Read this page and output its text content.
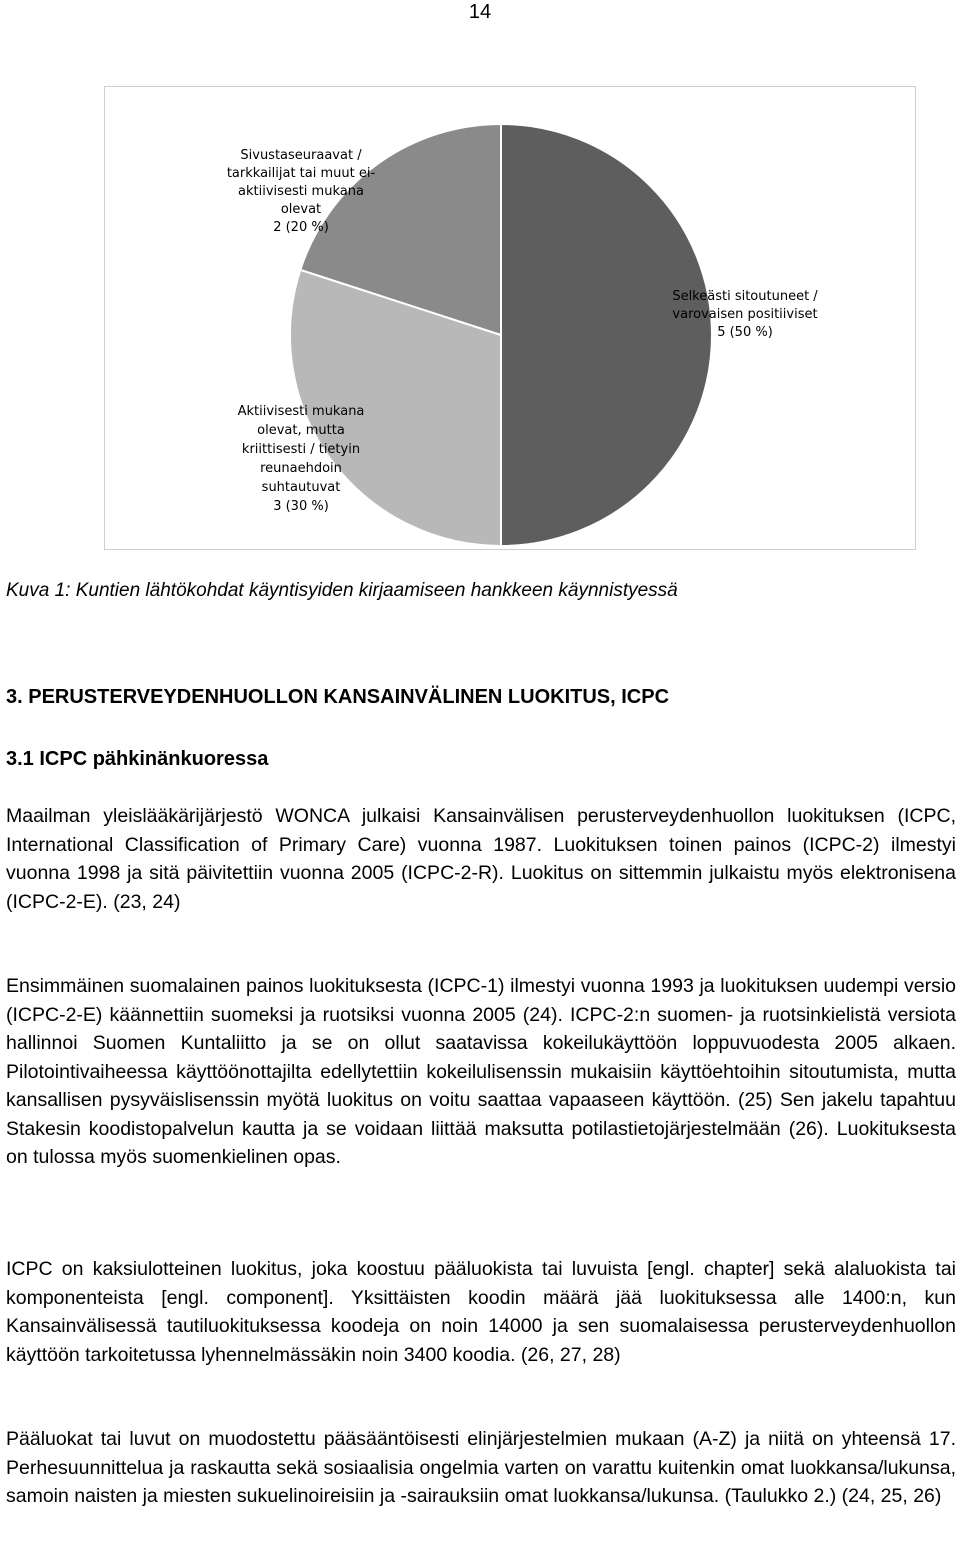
14
Selkeästi sitoutuneet / varovaisen positiiviset 5 (50 %)
Aktiivisesti mukana olevat, mutta kriittisesti / tietyin reunaehdoin suhtautuvat 3 (30 %)
Sivustaseuraavat / tarkkailijat tai muut ei-aktiivisesti mukana olevat 2 (20 %)
Kuva 1: Kuntien lähtökohdat käyntisyiden kirjaamiseen hankkeen käynnistyessä
3. PERUSTERVEYDENHUOLLON KANSAINVÄLINEN LUOKITUS, ICPC
3.1 ICPC pähkinänkuoressa

Maailman yleislääkärijärjestö WONCA julkaisi Kansainvälisen perusterveydenhuollon luokituksen (ICPC, International Classification of Primary Care) vuonna 1987. Luokituksen toinen painos (ICPC-2) ilmestyi vuonna 1998 ja sitä päivitettiin vuonna 2005 (ICPC-2-R). Luokitus on sittemmin julkaistu myös elektronisena (ICPC-2-E). (23, 24)

Ensimmäinen suomalainen painos luokituksesta (ICPC-1) ilmestyi vuonna 1993 ja luokituksen uudempi versio (ICPC-2-E) käännettiin suomeksi ja ruotsiksi vuonna 2005 (24). ICPC-2:n suomen- ja ruotsinkielistä versiota hallinnoi Suomen Kuntaliitto ja se on ollut saatavissa kokeilukäyttöön loppuvuodesta 2005 alkaen. Pilotointivaiheessa käyttöönottajilta edellytettiin kokeilulisenssin mukaisiin käyttöehtoihin sitoutumista, mutta kansallisen pysyväislisenssin myötä luokitus on voitu saattaa vapaaseen käyttöön. (25) Sen jakelu tapahtuu Stakesin koodistopalvelun kautta ja se voidaan liittää maksutta potilastietojärjestelmään (26). Luokituksesta on tulossa myös suomenkielinen opas.

ICPC on kaksiulotteinen luokitus, joka koostuu pääluokista tai luvuista [engl. chapter] sekä alaluokista tai komponenteista [engl. component]. Yksittäisten koodin määrä jää luokituksessa alle 1400:n, kun Kansainvälisessä tautiluokituksessa koodeja on noin 14000 ja sen suomalaisessa perusterveydenhuollon käyttöön tarkoitetussa lyhennelmässäkin noin 3400 koodia. (26, 27, 28)

Pääluokat tai luvut on muodostettu pääsääntöisesti elinjärjestelmien mukaan (A-Z) ja niitä on yhteensä 17. Perhesuunnittelua ja raskautta sekä sosiaalisia ongelmia varten on varattu kuitenkin omat luokkansa/lukunsa, samoin naisten ja miesten sukuelinoireisiin ja -sairauksiin omat luokkansa/lukunsa. (Taulukko 2.) (24, 25, 26)
